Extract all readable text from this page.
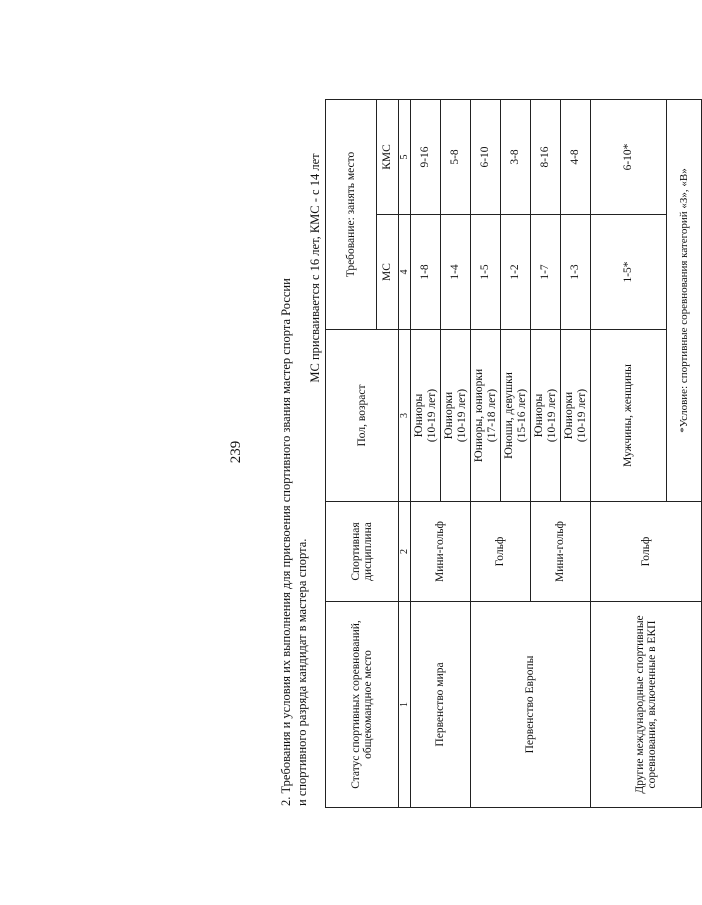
239	2. Требования и условия их выполнения для присвоения спортивного звания мастер спорта России и спортивного разряда кандидат в мастера спорта.
МС присваивается с 16 лет, КМС - с 14 лет
Статус спортивных соревнований, общекомандное место	Спортивная дисциплина	Пол, возраст	Требование: занять место	
			МС	КМС
1	2	3	4	5
Первенство мира	Мини-гольф	Юниоры (10-19 лет)	1-8	9-16

		Юниорки (10-19 лет)	1-4	5-8
Первенство Европы	Гольф	Юниоры, юниорки (17-18 лет)	1-5	6-10

		Юноши, девушки (15-16 лет)	1-2	3-8
	Мини-гольф	Юниоры (10-19 лет)	1-7	8-16

		Юниорки (10-19 лет)	1-3	4-8
Другие международные спортивные соревнования, включенные в ЕКП	Гольф	Мужчины, женщины	1-5*	6-10*
		*Условие: спортивные соревнования категорий «З», «В»		
